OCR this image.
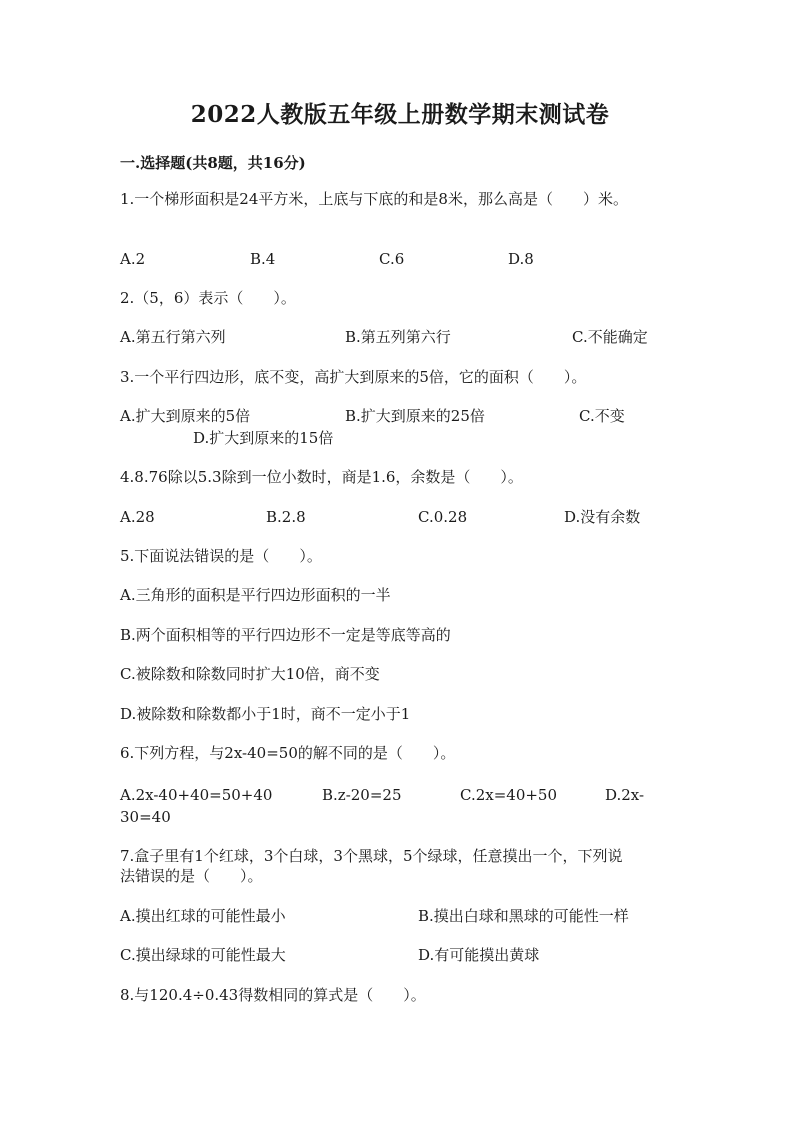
2022人教版五年级上册数学期末测试卷
一.选择题(共8题，共16分)
1.一个梯形面积是24平方米，上底与下底的和是8米，那么高是（　　）米。
A.2	B.4	C.6	D.8
2.（5，6）表示（　　）。
A.第五行第六列	B.第五列第六行	C.不能确定
3.一个平行四边形，底不变，高扩大到原来的5倍，它的面积（　　）。
A.扩大到原来的5倍	B.扩大到原来的25倍	C.不变
D.扩大到原来的15倍
4.8.76除以5.3除到一位小数时，商是1.6，余数是（　　）。
A.28	B.2.8	C.0.28	D.没有余数
5.下面说法错误的是（　　）。
A.三角形的面积是平行四边形面积的一半
B.两个面积相等的平行四边形不一定是等底等高的
C.被除数和除数同时扩大10倍，商不变
D.被除数和除数都小于1时，商不一定小于1
6.下列方程，与2x-40=50的解不同的是（　　）。
A.2x-40+40=50+40	B.z-20=25	C.2x=40+50	D.2x-
30=40
7.盒子里有1个红球，3个白球，3个黑球，5个绿球，任意摸出一个，下列说
法错误的是（　　）。
A.摸出红球的可能性最小	B.摸出白球和黑球的可能性一样
C.摸出绿球的可能性最大	D.有可能摸出黄球
8.与120.4÷0.43得数相同的算式是（　　）。
